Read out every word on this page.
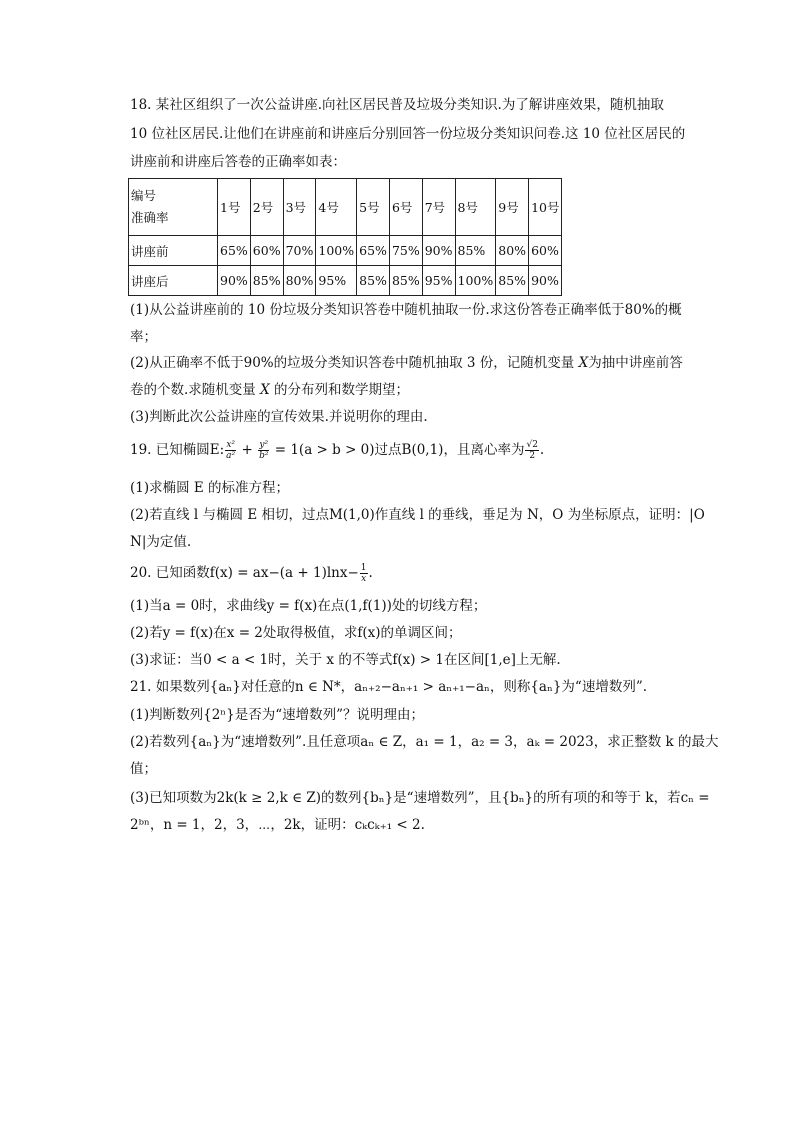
18. 某社区组织了一次公益讲座.向社区居民普及垃圾分类知识.为了解讲座效果，随机抽取
10 位社区居民.让他们在讲座前和讲座后分别回答一份垃圾分类知识问卷.这 10 位社区居民的
讲座前和讲座后答卷的正确率如表：
编号
准确率	1号	2号	3号	4号	5号	6号	7号	8号	9号	10号
讲座前	65%	60%	70%	100%	65%	75%	90%	85%	80%	60%
讲座后	90%	85%	80%	95%	85%	85%	95%	100%	85%	90%
(1)从公益讲座前的 10 份垃圾分类知识答卷中随机抽取一份.求这份答卷正确率低于80%的概
率；
(2)从正确率不低于90%的垃圾分类知识答卷中随机抽取 3 份，记随机变量 X为抽中讲座前答
卷的个数.求随机变量 X 的分布列和数学期望；
(3)判断此次公益讲座的宣传效果.并说明你的理由.
19. 已知椭圆E: $\frac{\text{x²}}{\text{a²}} + \frac{\text{y²}}{\text{b²}} = 1(a > b > 0)$过点B(0,1)，且离心率为 $\frac{√2}{2}$ .
(1)求椭圆 E 的标准方程；
(2)若直线 l 与椭圆 E 相切，过点M(1,0)作直线 l 的垂线，垂足为 N，O 为坐标原点，证明：|O
N|为定值.
20. 已知函数$f(x) = ax-(a + 1)\ln x- \frac{1}{x}$ .
(1)当a = 0时，求曲线y = f(x)在点(1,f(1))处的切线方程；
(2)若y = f(x)在x = 2处取得极值，求f(x)的单调区间；
(3)求证：当0 < a < 1时，关于 x 的不等式f(x) > 1在区间[1,e]上无解.
21. 如果数列{aₙ}对任意的n ∈ N*，aₙ₊₂−aₙ₊₁ > aₙ₊₁−aₙ，则称{aₙ}为“速增数列”.
(1)判断数列{2ⁿ}是否为“速增数列”？说明理由；
(2)若数列{aₙ}为“速增数列”.且任意项aₙ ∈ Z，a₁ = 1，a₂ = 3，aₖ = 2023，求正整数 k 的最大
值；
(3)已知项数为2k(k ≥ 2,k ∈ Z)的数列{bₙ}是“速增数列”，且{bₙ}的所有项的和等于 k，若cₙ =
2ᵇⁿ，n = 1，2，3，⋯，2k，证明：cₖcₖ₊₁ < 2.
